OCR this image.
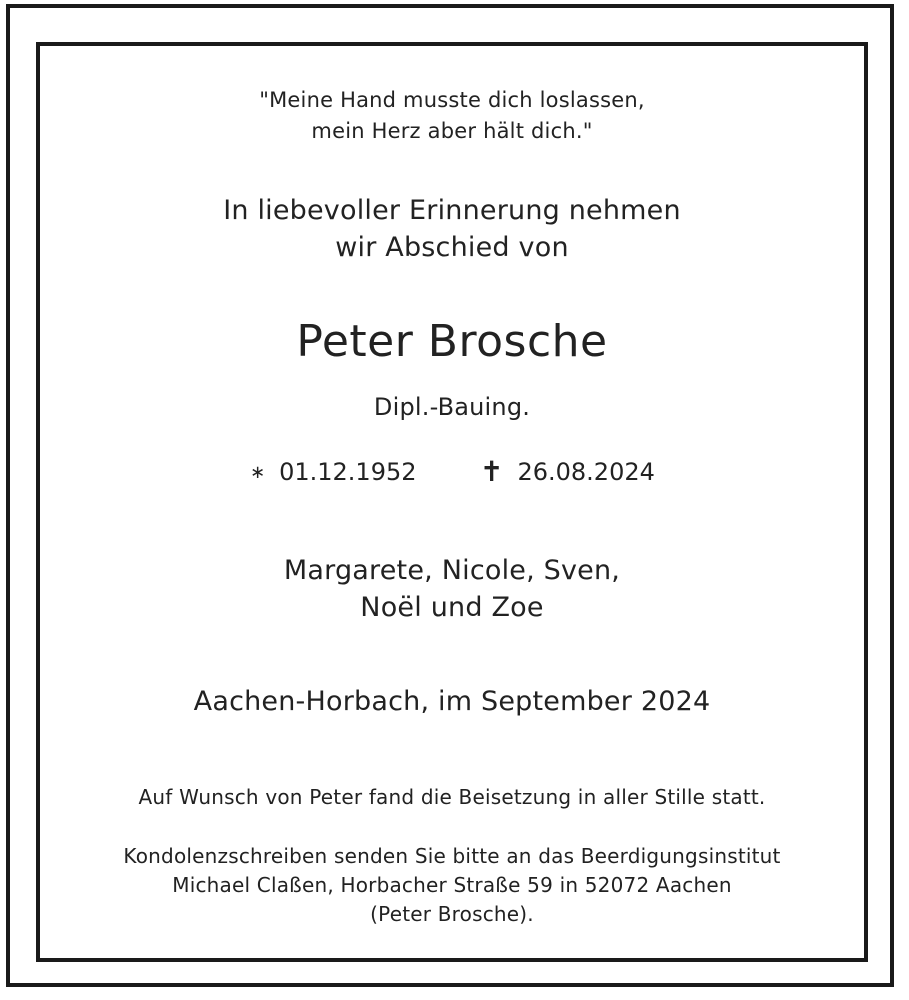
"Meine Hand musste dich loslassen,
mein Herz aber hält dich."
In liebevoller Erinnerung nehmen
wir Abschied von
Peter Brosche
Dipl.-Bauing.
∗ 01.12.1952 ✝ 26.08.2024
Margarete, Nicole, Sven,
Noël und Zoe
Aachen-Horbach, im September 2024
Auf Wunsch von Peter fand die Beisetzung in aller Stille statt.
Kondolenzschreiben senden Sie bitte an das Beerdigungsinstitut
Michael Claßen, Horbacher Straße 59 in 52072 Aachen
(Peter Brosche).
